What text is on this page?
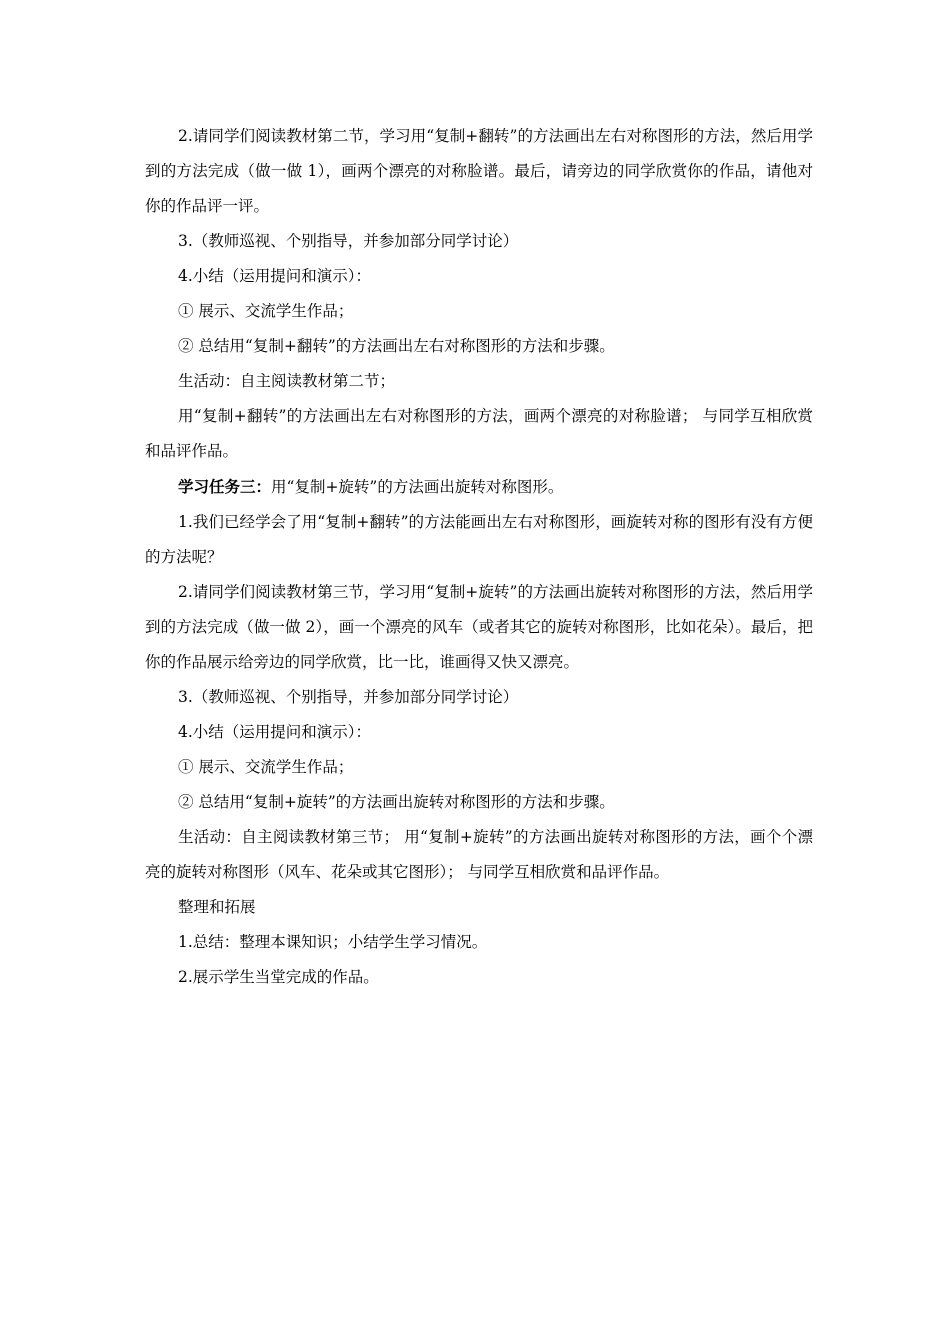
2.请同学们阅读教材第二节，学习用“复制+翻转”的方法画出左右对称图形的方法，然后用学到的方法完成（做一做 1），画两个漂亮的对称脸谱。最后，请旁边的同学欣赏你的作品，请他对你的作品评一评。

3.（教师巡视、个别指导，并参加部分同学讨论）

4.小结（运用提问和演示）：

① 展示、交流学生作品；

② 总结用“复制+翻转”的方法画出左右对称图形的方法和步骤。

生活动：自主阅读教材第二节；

用“复制+翻转”的方法画出左右对称图形的方法，画两个漂亮的对称脸谱； 与同学互相欣赏和品评作品。

学习任务三：用“复制+旋转”的方法画出旋转对称图形。

1.我们已经学会了用“复制+翻转”的方法能画出左右对称图形，画旋转对称的图形有没有方便的方法呢？

2.请同学们阅读教材第三节，学习用“复制+旋转”的方法画出旋转对称图形的方法，然后用学到的方法完成（做一做 2），画一个漂亮的风车（或者其它的旋转对称图形，比如花朵）。最后，把你的作品展示给旁边的同学欣赏，比一比，谁画得又快又漂亮。

3.（教师巡视、个别指导，并参加部分同学讨论）

4.小结（运用提问和演示）：

① 展示、交流学生作品；

② 总结用“复制+旋转”的方法画出旋转对称图形的方法和步骤。

生活动：自主阅读教材第三节； 用“复制+旋转”的方法画出旋转对称图形的方法，画个个漂亮的旋转对称图形（风车、花朵或其它图形）； 与同学互相欣赏和品评作品。

整理和拓展

1.总结：整理本课知识；小结学生学习情况。

2.展示学生当堂完成的作品。
